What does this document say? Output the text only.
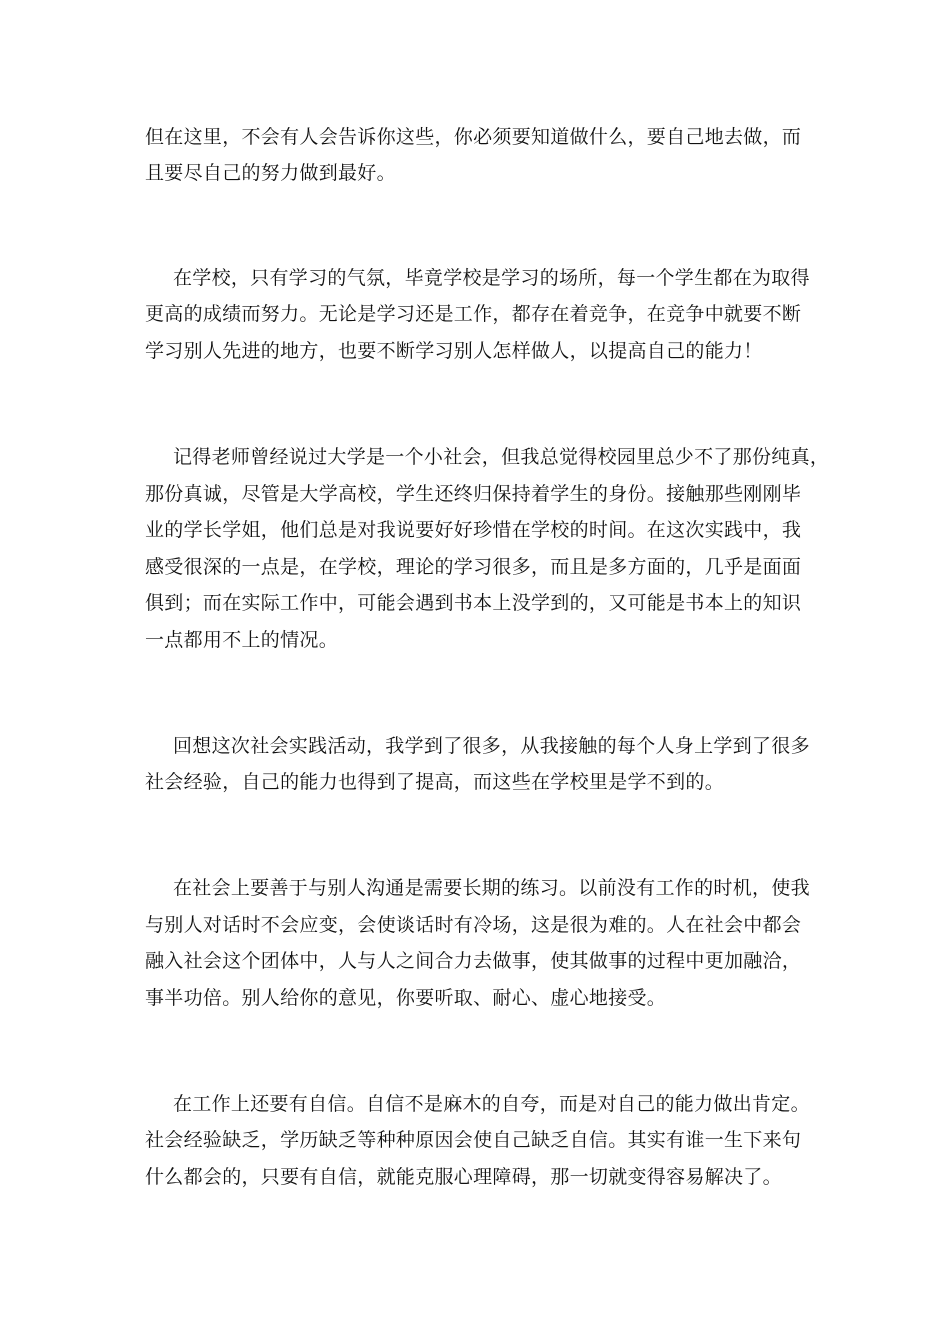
但在这里，不会有人会告诉你这些，你必须要知道做什么，要自己地去做，而
且要尽自己的努力做到最好。
在学校，只有学习的气氛，毕竟学校是学习的场所，每一个学生都在为取得
更高的成绩而努力。无论是学习还是工作，都存在着竞争，在竞争中就要不断
学习别人先进的地方，也要不断学习别人怎样做人，以提高自己的能力！
记得老师曾经说过大学是一个小社会，但我总觉得校园里总少不了那份纯真，
那份真诚，尽管是大学高校，学生还终归保持着学生的身份。接触那些刚刚毕
业的学长学姐，他们总是对我说要好好珍惜在学校的时间。在这次实践中，我
感受很深的一点是，在学校，理论的学习很多，而且是多方面的，几乎是面面
俱到；而在实际工作中，可能会遇到书本上没学到的，又可能是书本上的知识
一点都用不上的情况。
回想这次社会实践活动，我学到了很多，从我接触的每个人身上学到了很多
社会经验，自己的能力也得到了提高，而这些在学校里是学不到的。
在社会上要善于与别人沟通是需要长期的练习。以前没有工作的时机，使我
与别人对话时不会应变，会使谈话时有冷场，这是很为难的。人在社会中都会
融入社会这个团体中，人与人之间合力去做事，使其做事的过程中更加融洽，
事半功倍。别人给你的意见，你要听取、耐心、虚心地接受。
在工作上还要有自信。自信不是麻木的自夸，而是对自己的能力做出肯定。
社会经验缺乏，学历缺乏等种种原因会使自己缺乏自信。其实有谁一生下来句
什么都会的，只要有自信，就能克服心理障碍，那一切就变得容易解决了。
